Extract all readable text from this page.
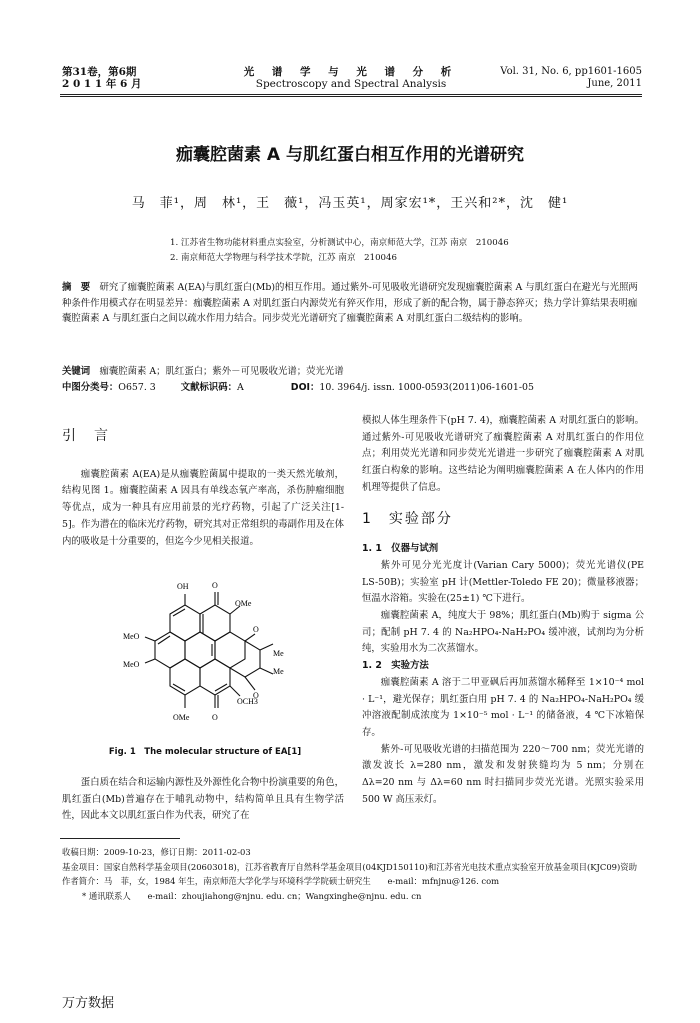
第31卷，第6期
2 0 1 1 年 6 月
光 谱 学 与 光 谱 分 析
Spectroscopy and Spectral Analysis
Vol. 31, No. 6, pp1601-1605
June, 2011
痂囊腔菌素 A 与肌红蛋白相互作用的光谱研究
马　菲¹，周　林¹，王　薇¹，冯玉英¹，周家宏¹*，王兴和²*，沈　健¹
1. 江苏省生物功能材料重点实验室，分析测试中心，南京师范大学，江苏 南京　210046
2. 南京师范大学物理与科学技术学院，江苏 南京　210046
摘　要　 研究了痂囊腔菌素 A(EA)与肌红蛋白(Mb)的相互作用。通过紫外-可见吸收光谱研究发现痂囊腔菌素 A 与肌红蛋白在避光与光照两种条件作用模式存在明显差异：痂囊腔菌素 A 对肌红蛋白内源荧光有猝灭作用，形成了新的配合物，属于静态猝灭；热力学计算结果表明痂囊腔菌素 A 与肌红蛋白之间以疏水作用力结合。同步荧光光谱研究了痂囊腔菌素 A 对肌红蛋白二级结构的影响。
关键词　 痂囊腔菌素 A；肌红蛋白；紫外－可见吸收光谱；荧光光谱
中图分类号：O657. 3	文献标识码：A	DOI：10. 3964/j. issn. 1000-0593(2011)06-1601-05
引　言

痂囊腔菌素 A(EA)是从痂囊腔菌属中提取的一类天然光敏剂，结构见图 1。痂囊腔菌素 A 因具有单线态氧产率高，杀伤肿瘤细胞等优点，成为一种具有应用前景的光疗药物，引起了广泛关注[1-5]。作为潜在的临床光疗药物，研究其对正常组织的毒副作用及在体内的吸收是十分重要的，但迄今少见相关报道。

OH	O
OMe
O
MeO
Me
MeO
Me
O
OCH3
OMe	O
Fig. 1　The molecular structure of EA[1]

蛋白质在结合和运输内源性及外源性化合物中扮演重要的角色，肌红蛋白(Mb)普遍存在于哺乳动物中，结构简单且具有生物学活性，因此本文以肌红蛋白作为代表，研究了在

模拟人体生理条件下(pH 7. 4)，痂囊腔菌素 A 对肌红蛋白的影响。通过紫外-可见吸收光谱研究了痂囊腔菌素 A 对肌红蛋白的作用位点；利用荧光光谱和同步荧光光谱进一步研究了痂囊腔菌素 A 对肌红蛋白构象的影响。这些结论为阐明痂囊腔菌素 A 在人体内的作用机理等提供了信息。

1　实验部分
1. 1　仪器与试剂

紫外可见分光光度计(Varian Cary 5000)；荧光光谱仪(PE LS-50B)；实验室 pH 计(Mettler-Toledo FE 20)；微量移液器；恒温水浴箱。实验在(25±1) ℃下进行。

痂囊腔菌素 A，纯度大于 98%；肌红蛋白(Mb)购于 sigma 公司；配制 pH 7. 4 的 Na₂HPO₄-NaH₂PO₄ 缓冲液，试剂均为分析纯，实验用水为二次蒸馏水。

1. 2　实验方法

痂囊腔菌素 A 溶于二甲亚砜后再加蒸馏水稀释至 1×10⁻⁴ mol · L⁻¹，避光保存；肌红蛋白用 pH 7. 4 的 Na₂HPO₄-NaH₂PO₄ 缓冲溶液配制成浓度为 1×10⁻⁵ mol · L⁻¹ 的储备液，4 ℃下冰箱保存。

紫外-可见吸收光谱的扫描范围为 220～700 nm；荧光光谱的激发波长 λ=280 nm，激发和发射狭缝均为 5 nm；分别在 Δλ=20 nm 与 Δλ=60 nm 时扫描同步荧光光谱。光照实验采用 500 W 高压汞灯。

收稿日期：2009-10-23，修订日期：2011-02-03
基金项目：国家自然科学基金项目(20603018)，江苏省教育厅自然科学基金项目(04KJD150110)和江苏省光电技术重点实验室开放基金项目(KJC09)资助
作者简介：马　菲，女，1984 年生，南京师范大学化学与环境科学学院硕士研究生　　e-mail：mfnjnu@126. com
* 通讯联系人　　e-mail：zhoujiahong@njnu. edu. cn；Wangxinghe@njnu. edu. cn
万方数据
